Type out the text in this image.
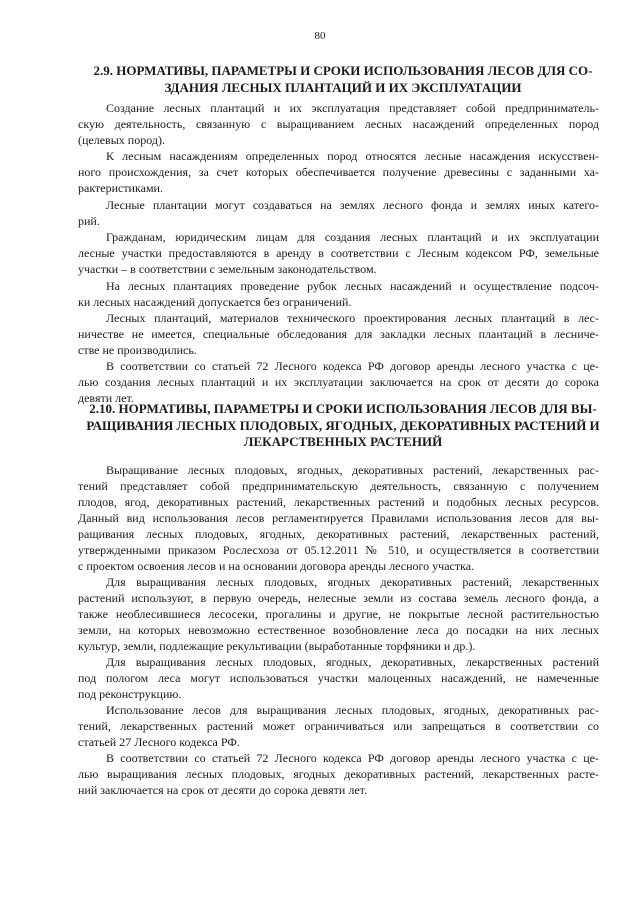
80
2.9. НОРМАТИВЫ, ПАРАМЕТРЫ И СРОКИ ИСПОЛЬЗОВАНИЯ ЛЕСОВ ДЛЯ СО-
ЗДАНИЯ ЛЕСНЫХ ПЛАНТАЦИЙ И ИХ ЭКСПЛУАТАЦИИ
Создание лесных плантаций и их эксплуатация представляет собой предприниматель-
скую деятельность, связанную с выращиванием лесных насаждений определенных пород
(целевых пород).
К лесным насаждениям определенных пород относятся лесные насаждения искусствен-
ного происхождения, за счет которых обеспечивается получение древесины с заданными ха-
рактеристиками.
Лесные плантации могут создаваться на землях лесного фонда и землях иных катего-
рий.
Гражданам, юридическим лицам для создания лесных плантаций и их эксплуатации
лесные участки предоставляются в аренду в соответствии с Лесным кодексом РФ, земельные
участки – в соответствии с земельным законодательством.
На лесных плантациях проведение рубок лесных насаждений и осуществление подсоч-
ки лесных насаждений допускается без ограничений.
Лесных плантаций, материалов технического проектирования лесных плантаций в лес-
ничестве не имеется, специальные обследования для закладки лесных плантаций в лесниче-
стве не производились.
В соответствии со статьей 72 Лесного кодекса РФ договор аренды лесного участка с це-
лью создания лесных плантаций и их эксплуатации заключается на срок от десяти до сорока
девяти лет.
2.10. НОРМАТИВЫ, ПАРАМЕТРЫ И СРОКИ ИСПОЛЬЗОВАНИЯ ЛЕСОВ ДЛЯ ВЫ-
РАЩИВАНИЯ ЛЕСНЫХ ПЛОДОВЫХ, ЯГОДНЫХ, ДЕКОРАТИВНЫХ РАСТЕНИЙ И
ЛЕКАРСТВЕННЫХ РАСТЕНИЙ
Выращивание лесных плодовых, ягодных, декоративных растений, лекарственных рас-
тений представляет собой предпринимательскую деятельность, связанную с получением
плодов, ягод, декоративных растений, лекарственных растений и подобных лесных ресурсов.
Данный вид использования лесов регламентируется Правилами использования лесов для вы-
ращивания лесных плодовых, ягодных, декоративных растений, лекарственных растений,
утвержденными приказом Рослесхоза от 05.12.2011 № 510, и осуществляется в соответствии
с проектом освоения лесов и на основании договора аренды лесного участка.
Для выращивания лесных плодовых, ягодных декоративных растений, лекарственных
растений используют, в первую очередь, нелесные земли из состава земель лесного фонда, а
также необлесившиеся лесосеки, прогалины и другие, не покрытые лесной растительностью
земли, на которых невозможно естественное возобновление леса до посадки на них лесных
культур, земли, подлежащие рекультивации (выработанные торфяники и др.).
Для выращивания лесных плодовых, ягодных, декоративных, лекарственных растений
под пологом леса могут использоваться участки малоценных насаждений, не намеченные
под реконструкцию.
Использование лесов для выращивания лесных плодовых, ягодных, декоративных рас-
тений, лекарственных растений может ограничиваться или запрещаться в соответствии со
статьей 27 Лесного кодекса РФ.
В соответствии со статьей 72 Лесного кодекса РФ договор аренды лесного участка с це-
лью выращивания лесных плодовых, ягодных декоративных растений, лекарственных расте-
ний заключается на срок от десяти до сорока девяти лет.
